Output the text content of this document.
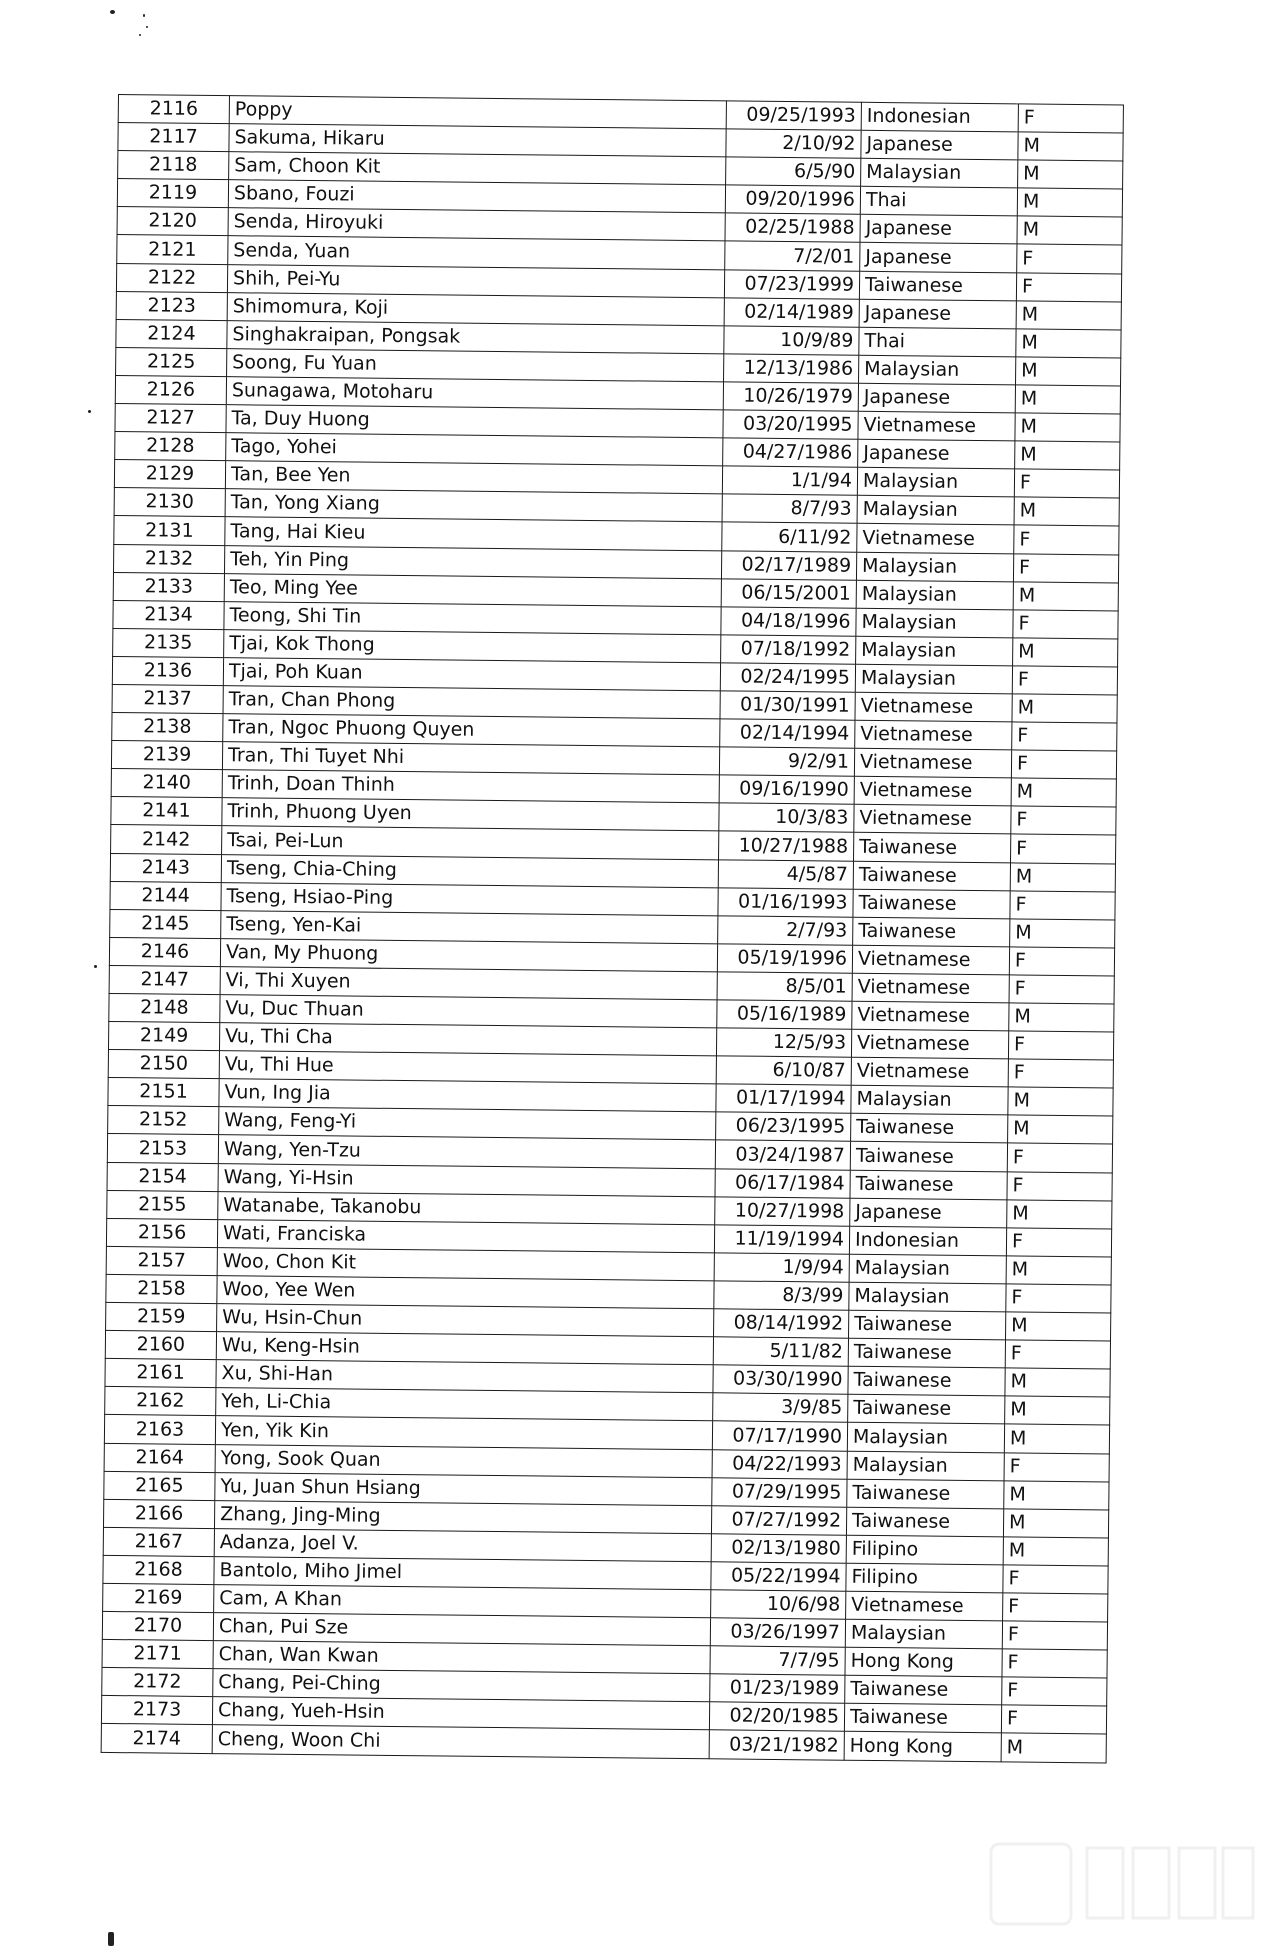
2116	Poppy	09/25/1993	Indonesian	F
2117	Sakuma, Hikaru	2/10/92	Japanese	M
2118	Sam, Choon Kit	6/5/90	Malaysian	M
2119	Sbano, Fouzi	09/20/1996	Thai	M
2120	Senda, Hiroyuki	02/25/1988	Japanese	M
2121	Senda, Yuan	7/2/01	Japanese	F
2122	Shih, Pei-Yu	07/23/1999	Taiwanese	F
2123	Shimomura, Koji	02/14/1989	Japanese	M
2124	Singhakraipan, Pongsak	10/9/89	Thai	M
2125	Soong, Fu Yuan	12/13/1986	Malaysian	M
2126	Sunagawa, Motoharu	10/26/1979	Japanese	M
2127	Ta, Duy Huong	03/20/1995	Vietnamese	M
2128	Tago, Yohei	04/27/1986	Japanese	M
2129	Tan, Bee Yen	1/1/94	Malaysian	F
2130	Tan, Yong Xiang	8/7/93	Malaysian	M
2131	Tang, Hai Kieu	6/11/92	Vietnamese	F
2132	Teh, Yin Ping	02/17/1989	Malaysian	F
2133	Teo, Ming Yee	06/15/2001	Malaysian	M
2134	Teong, Shi Tin	04/18/1996	Malaysian	F
2135	Tjai, Kok Thong	07/18/1992	Malaysian	M
2136	Tjai, Poh Kuan	02/24/1995	Malaysian	F
2137	Tran, Chan Phong	01/30/1991	Vietnamese	M
2138	Tran, Ngoc Phuong Quyen	02/14/1994	Vietnamese	F
2139	Tran, Thi Tuyet Nhi	9/2/91	Vietnamese	F
2140	Trinh, Doan Thinh	09/16/1990	Vietnamese	M
2141	Trinh, Phuong Uyen	10/3/83	Vietnamese	F
2142	Tsai, Pei-Lun	10/27/1988	Taiwanese	F
2143	Tseng, Chia-Ching	4/5/87	Taiwanese	M
2144	Tseng, Hsiao-Ping	01/16/1993	Taiwanese	F
2145	Tseng, Yen-Kai	2/7/93	Taiwanese	M
2146	Van, My Phuong	05/19/1996	Vietnamese	F
2147	Vi, Thi Xuyen	8/5/01	Vietnamese	F
2148	Vu, Duc Thuan	05/16/1989	Vietnamese	M
2149	Vu, Thi Cha	12/5/93	Vietnamese	F
2150	Vu, Thi Hue	6/10/87	Vietnamese	F
2151	Vun, Ing Jia	01/17/1994	Malaysian	M
2152	Wang, Feng-Yi	06/23/1995	Taiwanese	M
2153	Wang, Yen-Tzu	03/24/1987	Taiwanese	F
2154	Wang, Yi-Hsin	06/17/1984	Taiwanese	F
2155	Watanabe, Takanobu	10/27/1998	Japanese	M
2156	Wati, Franciska	11/19/1994	Indonesian	F
2157	Woo, Chon Kit	1/9/94	Malaysian	M
2158	Woo, Yee Wen	8/3/99	Malaysian	F
2159	Wu, Hsin-Chun	08/14/1992	Taiwanese	M
2160	Wu, Keng-Hsin	5/11/82	Taiwanese	F
2161	Xu, Shi-Han	03/30/1990	Taiwanese	M
2162	Yeh, Li-Chia	3/9/85	Taiwanese	M
2163	Yen, Yik Kin	07/17/1990	Malaysian	M
2164	Yong, Sook Quan	04/22/1993	Malaysian	F
2165	Yu, Juan Shun Hsiang	07/29/1995	Taiwanese	M
2166	Zhang, Jing-Ming	07/27/1992	Taiwanese	M
2167	Adanza, Joel V.	02/13/1980	Filipino	M
2168	Bantolo, Miho Jimel	05/22/1994	Filipino	F
2169	Cam, A Khan	10/6/98	Vietnamese	F
2170	Chan, Pui Sze	03/26/1997	Malaysian	F
2171	Chan, Wan Kwan	7/7/95	Hong Kong	F
2172	Chang, Pei-Ching	01/23/1989	Taiwanese	F
2173	Chang, Yueh-Hsin	02/20/1985	Taiwanese	F
2174	Cheng, Woon Chi	03/21/1982	Hong Kong	M
